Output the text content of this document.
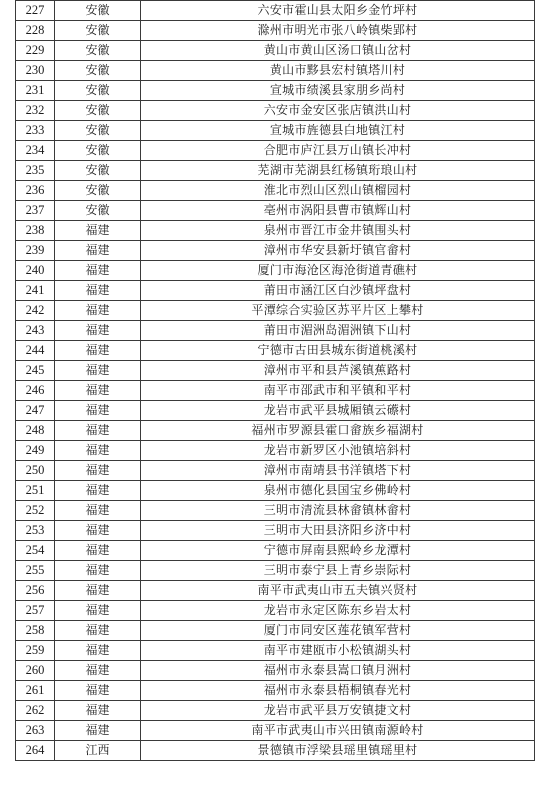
227	安徽	六安市霍山县太阳乡金竹坪村
228	安徽	滁州市明光市张八岭镇柴郢村
229	安徽	黄山市黄山区汤口镇山岔村
230	安徽	黄山市黟县宏村镇塔川村
231	安徽	宣城市绩溪县家朋乡尚村
232	安徽	六安市金安区张店镇洪山村
233	安徽	宣城市旌德县白地镇江村
234	安徽	合肥市庐江县万山镇长冲村
235	安徽	芜湖市芜湖县红杨镇珩琅山村
236	安徽	淮北市烈山区烈山镇榴园村
237	安徽	亳州市涡阳县曹市镇辉山村
238	福建	泉州市晋江市金井镇围头村
239	福建	漳州市华安县新圩镇官畲村
240	福建	厦门市海沧区海沧街道青礁村
241	福建	莆田市涵江区白沙镇坪盘村
242	福建	平潭综合实验区苏平片区上攀村
243	福建	莆田市湄洲岛湄洲镇下山村
244	福建	宁德市古田县城东街道桃溪村
245	福建	漳州市平和县芦溪镇蕉路村
246	福建	南平市邵武市和平镇和平村
247	福建	龙岩市武平县城厢镇云礤村
248	福建	福州市罗源县霍口畲族乡福湖村
249	福建	龙岩市新罗区小池镇培斜村
250	福建	漳州市南靖县书洋镇塔下村
251	福建	泉州市德化县国宝乡佛岭村
252	福建	三明市清流县林畲镇林畲村
253	福建	三明市大田县济阳乡济中村
254	福建	宁德市屏南县熙岭乡龙潭村
255	福建	三明市泰宁县上青乡崇际村
256	福建	南平市武夷山市五夫镇兴贤村
257	福建	龙岩市永定区陈东乡岩太村
258	福建	厦门市同安区莲花镇军营村
259	福建	南平市建瓯市小松镇湖头村
260	福建	福州市永泰县嵩口镇月洲村
261	福建	福州市永泰县梧桐镇春光村
262	福建	龙岩市武平县万安镇捷文村
263	福建	南平市武夷山市兴田镇南源岭村
264	江西	景德镇市浮梁县瑶里镇瑶里村
